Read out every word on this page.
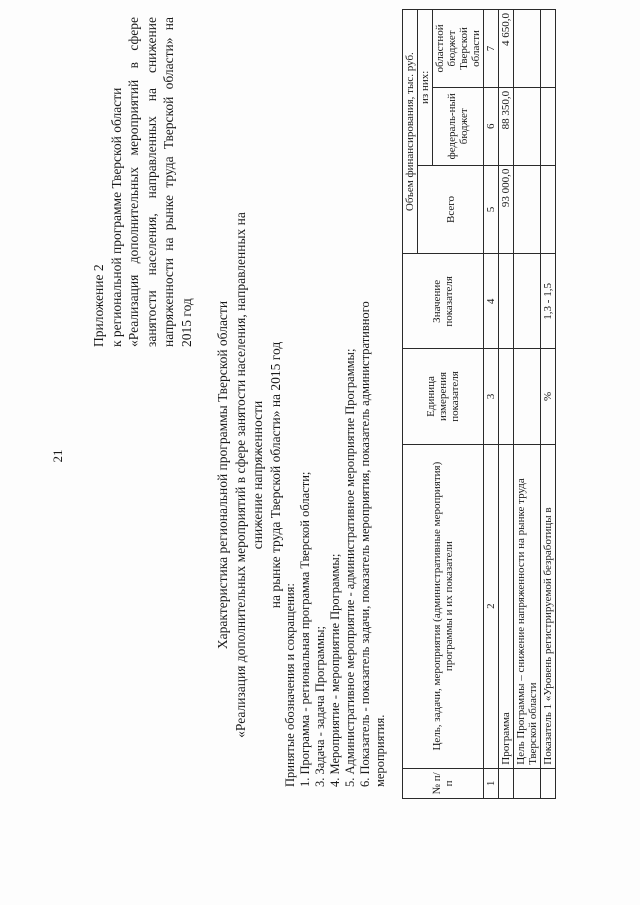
21
Приложение 2 к региональной программе Тверской области «Реализация дополнительных мероприятий в сфере занятости населения, направленных на снижение напряженности на рынке труда Тверской области» на 2015 год Характеристика региональной программы Тверской области «Реализация дополнительных мероприятий в сфере занятости населения, направленных на снижение напряженности на рынке труда Тверской области» на 2015 год
Принятые обозначения и сокращения: 1. Программа - региональная программа Тверской области; 3. Задача - задача Программы; 4. Мероприятие - мероприятие Программы; 5. Административное мероприятие - административное мероприятие Программы; 6. Показатель - показатель задачи, показатель мероприятия, показатель административного мероприятия.	№ п/п	Цель, задачи, мероприятия (административные мероприятия) программы и их показатели	Единица измерения показателя	Значение показателя	Объем финансирования, тыс. руб.		
				Всего	из них:	
					федераль-ный бюджет	областной бюджет Тверской области
1	2	3	4	5	6	7
	Программа			93 000,0	88 350,0	4 650,0
	Цель Программы – снижение напряженности на рынке труда Тверской области					
	Показатель 1 «Уровень регистрируемой безработицы в	%	1,3 - 1,5			
